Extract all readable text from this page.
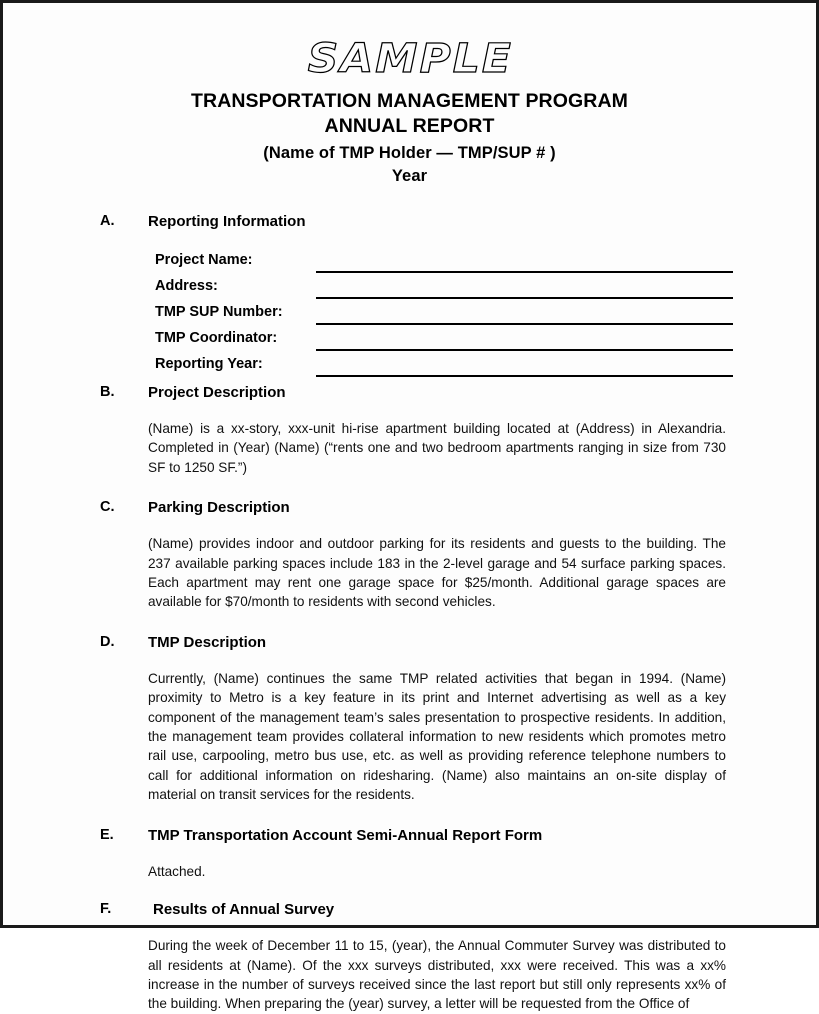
SAMPLE
TRANSPORTATION MANAGEMENT PROGRAM
ANNUAL REPORT
(Name of TMP Holder — TMP/SUP # )
Year
A. Reporting Information
Project Name:
Address:
TMP SUP Number:
TMP Coordinator:
Reporting Year:
B. Project Description

(Name) is a xx-story, xxx-unit hi-rise apartment building located at (Address) in Alexandria. Completed in (Year) (Name) (“rents one and two bedroom apartments ranging in size from 730 SF to 1250 SF.”)

C. Parking Description

(Name) provides indoor and outdoor parking for its residents and guests to the building. The 237 available parking spaces include 183 in the 2-level garage and 54 surface parking spaces. Each apartment may rent one garage space for $25/month. Additional garage spaces are available for $70/month to residents with second vehicles.

D. TMP Description

Currently, (Name) continues the same TMP related activities that began in 1994. (Name) proximity to Metro is a key feature in its print and Internet advertising as well as a key component of the management team’s sales presentation to prospective residents. In addition, the management team provides collateral information to new residents which promotes metro rail use, carpooling, metro bus use, etc. as well as providing reference telephone numbers to call for additional information on ridesharing. (Name) also maintains an on-site display of material on transit services for the residents.

E. TMP Transportation Account Semi-Annual Report Form

Attached.

F.	Results of Annual Survey

During the week of December 11 to 15, (year), the Annual Commuter Survey was distributed to all residents at (Name). Of the xxx surveys distributed, xxx were received. This was a xx% increase in the number of surveys received since the last report but still only represents xx% of the building. When preparing the (year) survey, a letter will be requested from the Office of
